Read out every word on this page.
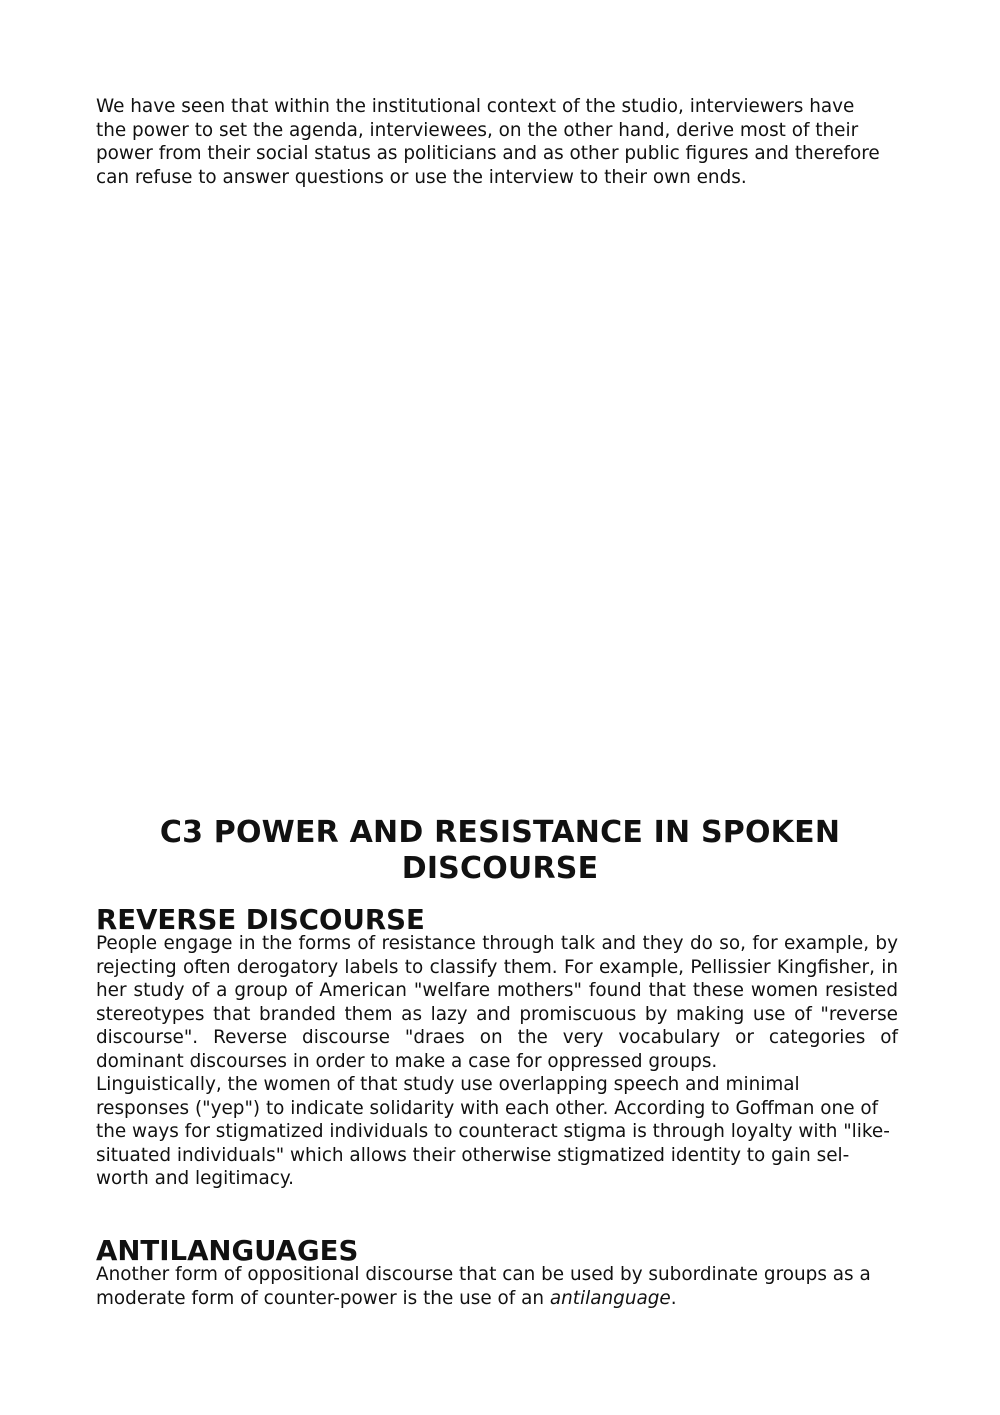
We have seen that within the institutional context of the studio, interviewers have the power to set the agenda, interviewees, on the other hand, derive most of their power from their social status as politicians and as other public figures and therefore can refuse to answer questions or use the interview to their own ends.

C3 POWER AND RESISTANCE IN SPOKEN DISCOURSE
REVERSE DISCOURSE

People engage in the forms of resistance through talk and they do so, for example, by rejecting often derogatory labels to classify them. For example, Pellissier Kingfisher, in her study of a group of American "welfare mothers" found that these women resisted stereotypes that branded them as lazy and promiscuous by making use of "reverse discourse". Reverse discourse "draes on the very vocabulary or categories of dominant discourses in order to make a case for oppressed groups.

Linguistically, the women of that study use overlapping speech and minimal responses ("yep") to indicate solidarity with each other. According to Goffman one of the ways for stigmatized individuals to counteract stigma is through loyalty with "like-situated individuals" which allows their otherwise stigmatized identity to gain sel-worth and legitimacy.

ANTILANGUAGES

Another form of oppositional discourse that can be used by subordinate groups as a moderate form of counter-power is the use of an antilanguage.
